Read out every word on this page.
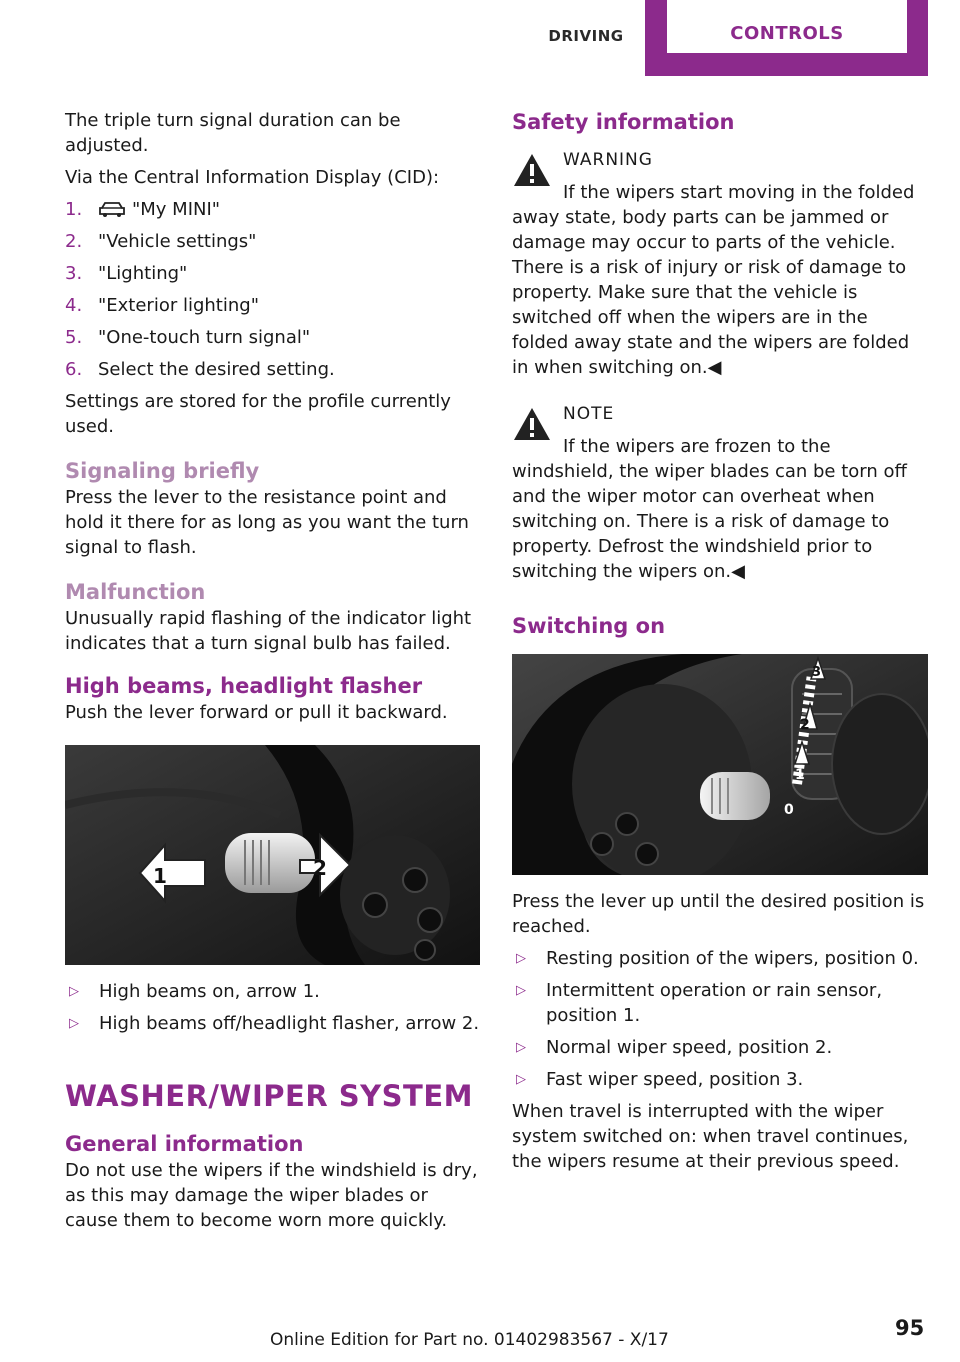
DRIVING	CONTROLS

The triple turn signal duration can be adjusted.

Via the Central Information Display (CID):

1.	"My MINI"
2. "Vehicle settings"
3. "Lighting"
4. "Exterior lighting"
5. "One-touch turn signal"
6. Select the desired setting.

Settings are stored for the profile currently used.

Signaling briefly

Press the lever to the resistance point and hold it there for as long as you want the turn signal to flash.

Malfunction

Unusually rapid flashing of the indicator light indicates that a turn signal bulb has failed.

High beams, headlight flasher

Push the lever forward or pull it backward.

1	2
▷ High beams on, arrow 1.
▷ High beams off/headlight flasher, arrow 2.
WASHER/WIPER SYSTEM
General information

Do not use the wipers if the windshield is dry, as this may damage the wiper blades or cause them to become worn more quickly.

Safety information

WARNING

If the wipers start moving in the folded away state, body parts can be jammed or damage may occur to parts of the vehicle. There is a risk of injury or risk of damage to property. Make sure that the vehicle is switched off when the wipers are in the folded away state and the wipers are folded in when switching on.◀

NOTE

If the wipers are frozen to the windshield, the wiper blades can be torn off and the wiper motor can overheat when switching on. There is a risk of damage to property. Defrost the windshield prior to switching the wipers on.◀

Switching on
0
1
2
3

Press the lever up until the desired position is reached.

▷ Resting position of the wipers, position 0.
▷ Intermittent operation or rain sensor, position 1.
▷ Normal wiper speed, position 2.
▷ Fast wiper speed, position 3.

When travel is interrupted with the wiper system switched on: when travel continues, the wipers resume at their previous speed.

95
Online Edition for Part no. 01402983567 - X/17
